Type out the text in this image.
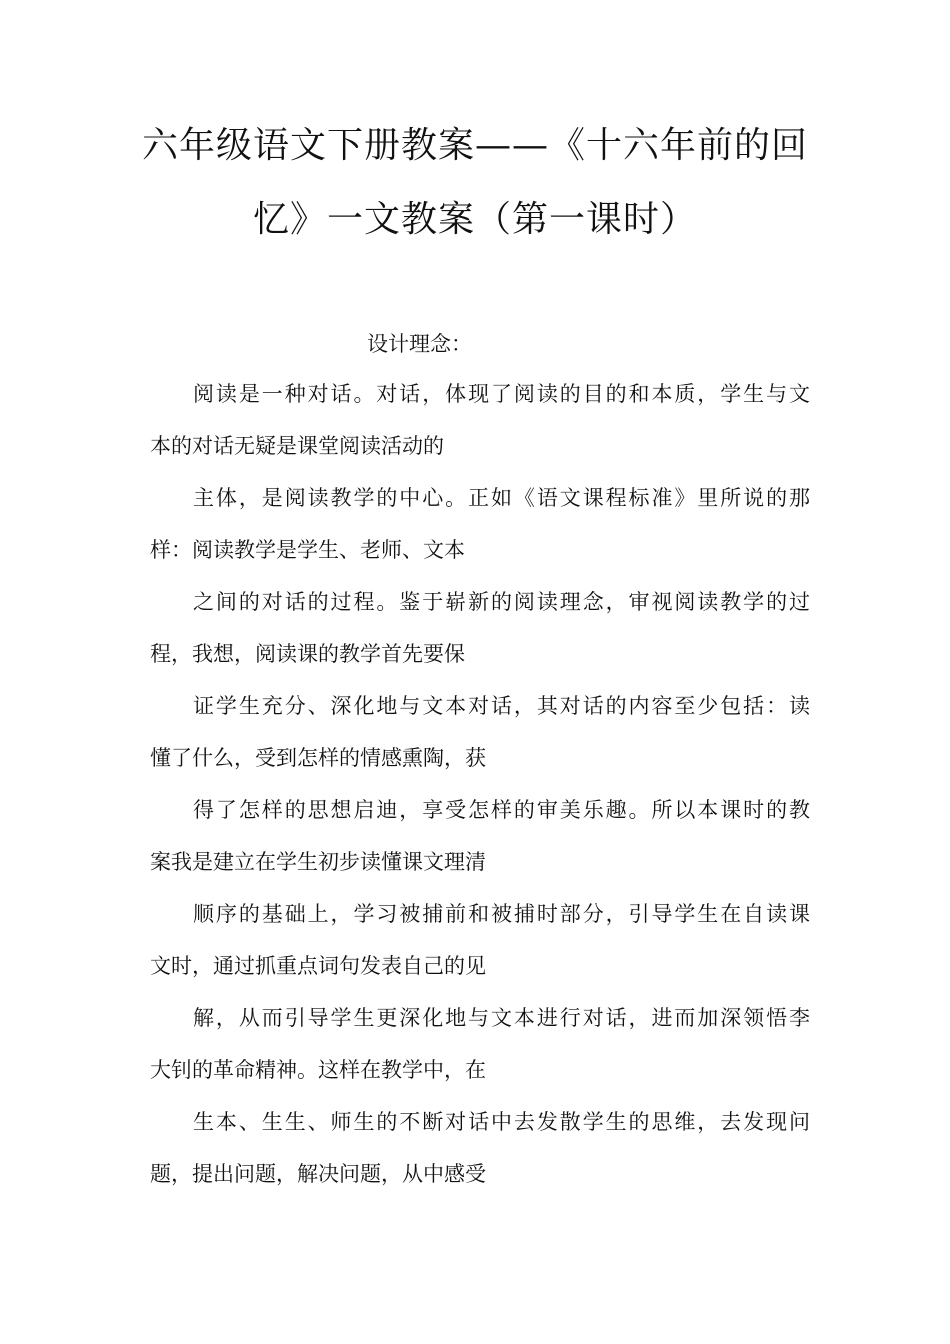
六年级语文下册教案——《十六年前的回
忆》一文教案（第一课时）
设计理念：
阅读是一种对话。对话，体现了阅读的目的和本质，学生与文
本的对话无疑是课堂阅读活动的
主体，是阅读教学的中心。正如《语文课程标准》里所说的那
样：阅读教学是学生、老师、文本
之间的对话的过程。鉴于崭新的阅读理念，审视阅读教学的过
程，我想，阅读课的教学首先要保
证学生充分、深化地与文本对话，其对话的内容至少包括：读
懂了什么，受到怎样的情感熏陶，获
得了怎样的思想启迪，享受怎样的审美乐趣。所以本课时的教
案我是建立在学生初步读懂课文理清
顺序的基础上，学习被捕前和被捕时部分，引导学生在自读课
文时，通过抓重点词句发表自己的见
解，从而引导学生更深化地与文本进行对话，进而加深领悟李
大钊的革命精神。这样在教学中，在
生本、生生、师生的不断对话中去发散学生的思维，去发现问
题，提出问题，解决问题，从中感受
